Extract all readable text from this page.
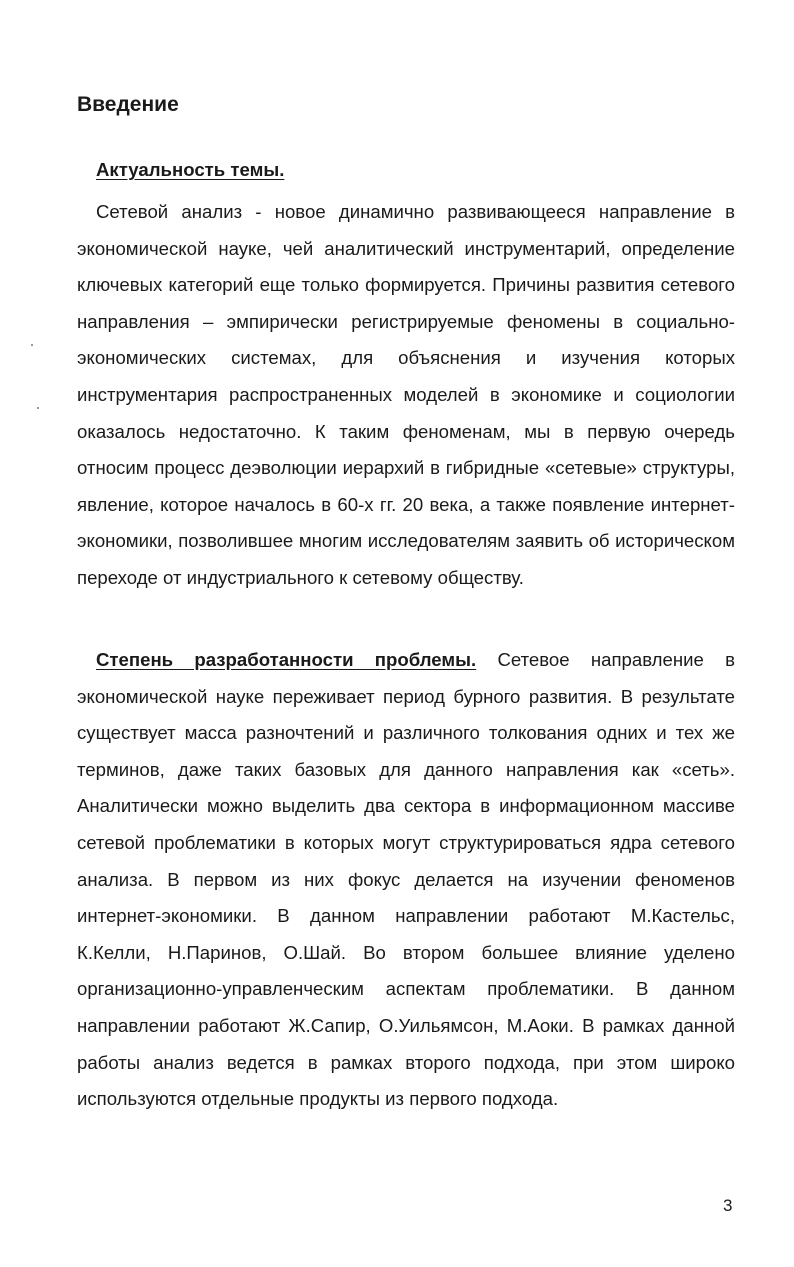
Введение

Актуальность темы.

Сетевой анализ - новое динамично развивающееся направление в экономической науке, чей аналитический инструментарий, определение ключевых категорий еще только формируется. Причины развития сетевого направления – эмпирически регистрируемые феномены в социально-экономических системах, для объяснения и изучения которых инструментария распространенных моделей в экономике и социологии оказалось недостаточно. К таким феноменам, мы в первую очередь относим процесс деэволюции иерархий в гибридные «сетевые» структуры, явление, которое началось в 60-х гг. 20 века, а также появление интернет-экономики, позволившее многим исследователям заявить об историческом переходе от индустриального к сетевому обществу.

Степень разработанности проблемы. Сетевое направление в экономической науке переживает период бурного развития. В результате существует масса разночтений и различного толкования одних и тех же терминов, даже таких базовых для данного направления как «сеть». Аналитически можно выделить два сектора в информационном массиве сетевой проблематики в которых могут структурироваться ядра сетевого анализа. В первом из них фокус делается на изучении феноменов интернет-экономики. В данном направлении работают М.Кастельс, К.Келли, Н.Паринов, О.Шай. Во втором большее влияние уделено организационно-управленческим аспектам проблематики. В данном направлении работают Ж.Сапир, О.Уильямсон, М.Аоки. В рамках данной работы анализ ведется в рамках второго подхода, при этом широко используются отдельные продукты из первого подхода.

3
